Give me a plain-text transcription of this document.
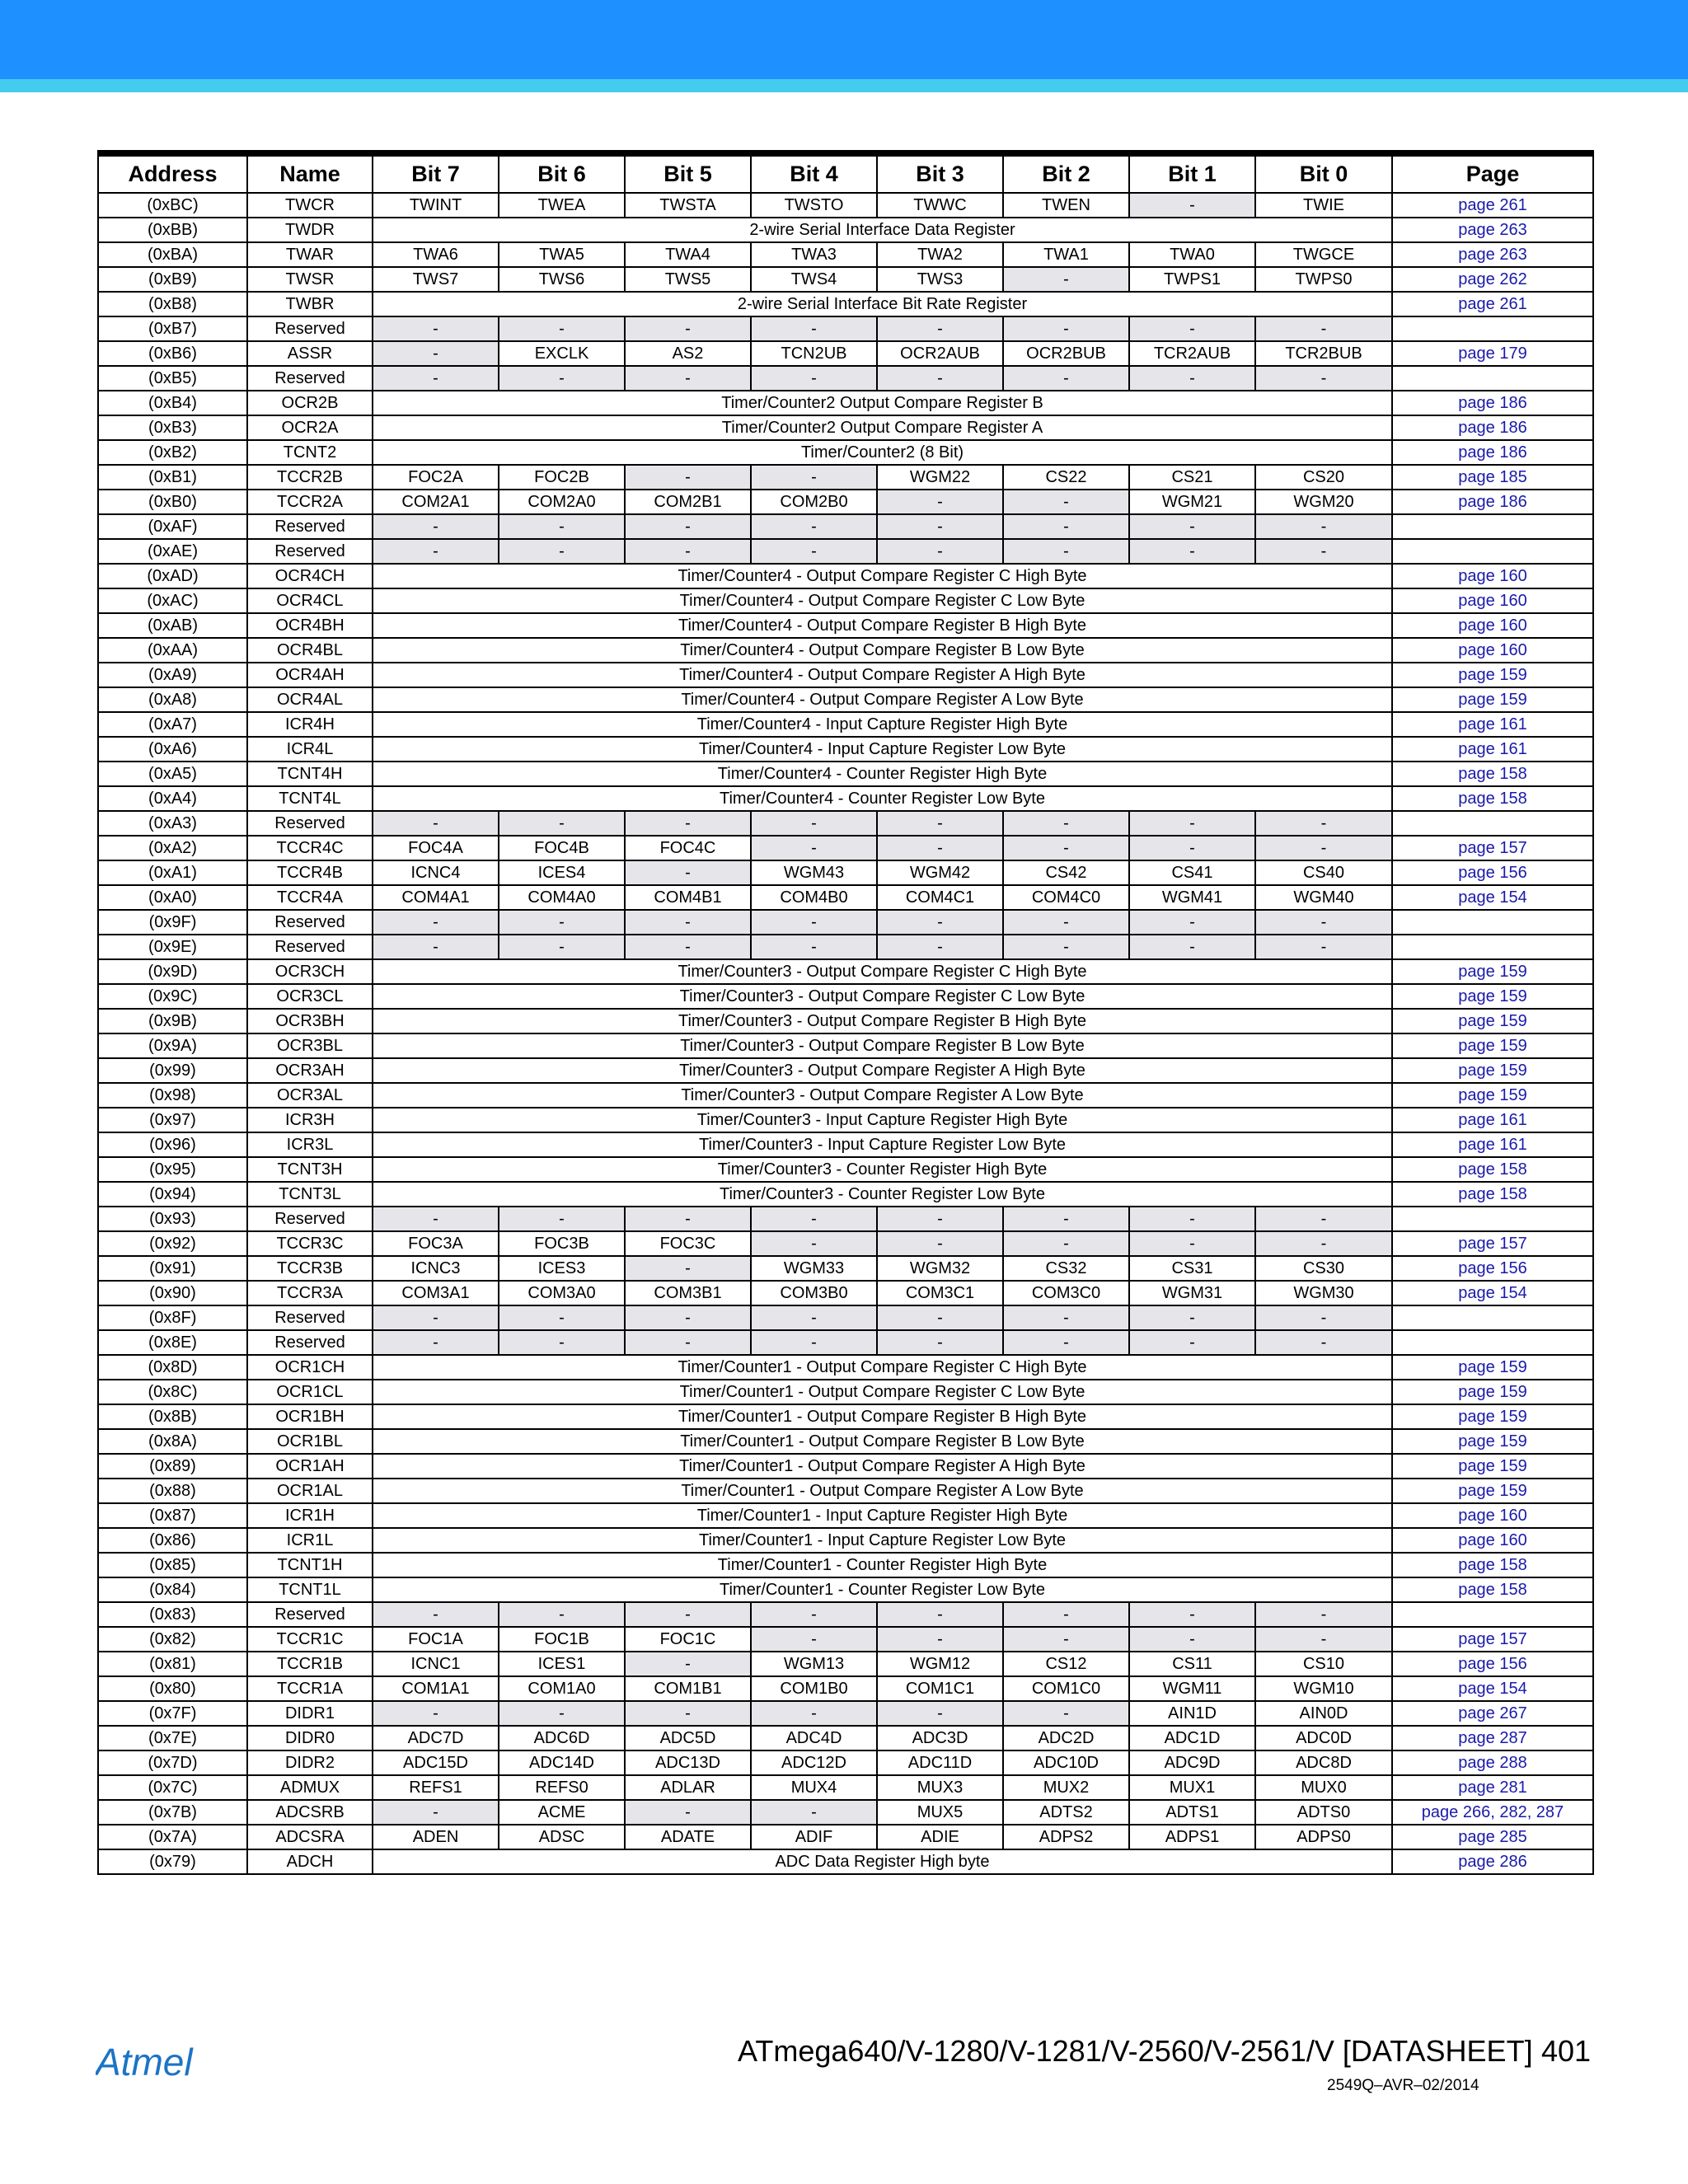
Address	Name	Bit 7	Bit 6	Bit 5	Bit 4	Bit 3	Bit 2	Bit 1	Bit 0	Page
(0xBC)	TWCR	TWINT	TWEA	TWSTA	TWSTO	TWWC	TWEN	-	TWIE	page 261
(0xBB)	TWDR	2-wire Serial Interface Data Register								page 263
(0xBA)	TWAR	TWA6	TWA5	TWA4	TWA3	TWA2	TWA1	TWA0	TWGCE	page 263
(0xB9)	TWSR	TWS7	TWS6	TWS5	TWS4	TWS3	-	TWPS1	TWPS0	page 262
(0xB8)	TWBR	2-wire Serial Interface Bit Rate Register								page 261
(0xB7)	Reserved	-	-	-	-	-	-	-	-	
(0xB6)	ASSR	-	EXCLK	AS2	TCN2UB	OCR2AUB	OCR2BUB	TCR2AUB	TCR2BUB	page 179
(0xB5)	Reserved	-	-	-	-	-	-	-	-	
(0xB4)	OCR2B	Timer/Counter2 Output Compare Register B								page 186
(0xB3)	OCR2A	Timer/Counter2 Output Compare Register A								page 186
(0xB2)	TCNT2	Timer/Counter2 (8 Bit)								page 186
(0xB1)	TCCR2B	FOC2A	FOC2B	-	-	WGM22	CS22	CS21	CS20	page 185
(0xB0)	TCCR2A	COM2A1	COM2A0	COM2B1	COM2B0	-	-	WGM21	WGM20	page 186
(0xAF)	Reserved	-	-	-	-	-	-	-	-	
(0xAE)	Reserved	-	-	-	-	-	-	-	-	
(0xAD)	OCR4CH	Timer/Counter4 - Output Compare Register C High Byte								page 160
(0xAC)	OCR4CL	Timer/Counter4 - Output Compare Register C Low Byte								page 160
(0xAB)	OCR4BH	Timer/Counter4 - Output Compare Register B High Byte								page 160
(0xAA)	OCR4BL	Timer/Counter4 - Output Compare Register B Low Byte								page 160
(0xA9)	OCR4AH	Timer/Counter4 - Output Compare Register A High Byte								page 159
(0xA8)	OCR4AL	Timer/Counter4 - Output Compare Register A Low Byte								page 159
(0xA7)	ICR4H	Timer/Counter4 - Input Capture Register High Byte								page 161
(0xA6)	ICR4L	Timer/Counter4 - Input Capture Register Low Byte								page 161
(0xA5)	TCNT4H	Timer/Counter4 - Counter Register High Byte								page 158
(0xA4)	TCNT4L	Timer/Counter4 - Counter Register Low Byte								page 158
(0xA3)	Reserved	-	-	-	-	-	-	-	-	
(0xA2)	TCCR4C	FOC4A	FOC4B	FOC4C	-	-	-	-	-	page 157
(0xA1)	TCCR4B	ICNC4	ICES4	-	WGM43	WGM42	CS42	CS41	CS40	page 156
(0xA0)	TCCR4A	COM4A1	COM4A0	COM4B1	COM4B0	COM4C1	COM4C0	WGM41	WGM40	page 154
(0x9F)	Reserved	-	-	-	-	-	-	-	-	
(0x9E)	Reserved	-	-	-	-	-	-	-	-	
(0x9D)	OCR3CH	Timer/Counter3 - Output Compare Register C High Byte								page 159
(0x9C)	OCR3CL	Timer/Counter3 - Output Compare Register C Low Byte								page 159
(0x9B)	OCR3BH	Timer/Counter3 - Output Compare Register B High Byte								page 159
(0x9A)	OCR3BL	Timer/Counter3 - Output Compare Register B Low Byte								page 159
(0x99)	OCR3AH	Timer/Counter3 - Output Compare Register A High Byte								page 159
(0x98)	OCR3AL	Timer/Counter3 - Output Compare Register A Low Byte								page 159
(0x97)	ICR3H	Timer/Counter3 - Input Capture Register High Byte								page 161
(0x96)	ICR3L	Timer/Counter3 - Input Capture Register Low Byte								page 161
(0x95)	TCNT3H	Timer/Counter3 - Counter Register High Byte								page 158
(0x94)	TCNT3L	Timer/Counter3 - Counter Register Low Byte								page 158
(0x93)	Reserved	-	-	-	-	-	-	-	-	
(0x92)	TCCR3C	FOC3A	FOC3B	FOC3C	-	-	-	-	-	page 157
(0x91)	TCCR3B	ICNC3	ICES3	-	WGM33	WGM32	CS32	CS31	CS30	page 156
(0x90)	TCCR3A	COM3A1	COM3A0	COM3B1	COM3B0	COM3C1	COM3C0	WGM31	WGM30	page 154
(0x8F)	Reserved	-	-	-	-	-	-	-	-	
(0x8E)	Reserved	-	-	-	-	-	-	-	-	
(0x8D)	OCR1CH	Timer/Counter1 - Output Compare Register C High Byte								page 159
(0x8C)	OCR1CL	Timer/Counter1 - Output Compare Register C Low Byte								page 159
(0x8B)	OCR1BH	Timer/Counter1 - Output Compare Register B High Byte								page 159
(0x8A)	OCR1BL	Timer/Counter1 - Output Compare Register B Low Byte								page 159
(0x89)	OCR1AH	Timer/Counter1 - Output Compare Register A High Byte								page 159
(0x88)	OCR1AL	Timer/Counter1 - Output Compare Register A Low Byte								page 159
(0x87)	ICR1H	Timer/Counter1 - Input Capture Register High Byte								page 160
(0x86)	ICR1L	Timer/Counter1 - Input Capture Register Low Byte								page 160
(0x85)	TCNT1H	Timer/Counter1 - Counter Register High Byte								page 158
(0x84)	TCNT1L	Timer/Counter1 - Counter Register Low Byte								page 158
(0x83)	Reserved	-	-	-	-	-	-	-	-	
(0x82)	TCCR1C	FOC1A	FOC1B	FOC1C	-	-	-	-	-	page 157
(0x81)	TCCR1B	ICNC1	ICES1	-	WGM13	WGM12	CS12	CS11	CS10	page 156
(0x80)	TCCR1A	COM1A1	COM1A0	COM1B1	COM1B0	COM1C1	COM1C0	WGM11	WGM10	page 154
(0x7F)	DIDR1	-	-	-	-	-	-	AIN1D	AIN0D	page 267
(0x7E)	DIDR0	ADC7D	ADC6D	ADC5D	ADC4D	ADC3D	ADC2D	ADC1D	ADC0D	page 287
(0x7D)	DIDR2	ADC15D	ADC14D	ADC13D	ADC12D	ADC11D	ADC10D	ADC9D	ADC8D	page 288
(0x7C)	ADMUX	REFS1	REFS0	ADLAR	MUX4	MUX3	MUX2	MUX1	MUX0	page 281
(0x7B)	ADCSRB	-	ACME	-	-	MUX5	ADTS2	ADTS1	ADTS0	page 266, 282, 287
(0x7A)	ADCSRA	ADEN	ADSC	ADATE	ADIF	ADIE	ADPS2	ADPS1	ADPS0	page 285
(0x79)	ADCH	ADC Data Register High byte								page 286
Atmel	ATmega640/V-1280/V-1281/V-2560/V-2561/V [DATASHEET] 401
2549Q–AVR–02/2014
